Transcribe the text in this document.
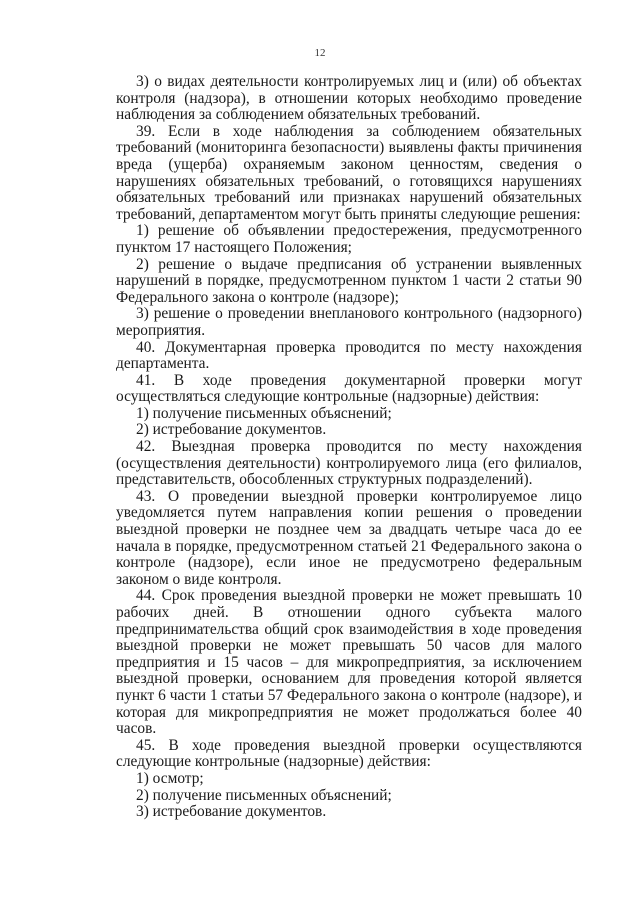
12

3) о видах деятельности контролируемых лиц и (или) об объектах контроля (надзора), в отношении которых необходимо проведение наблюдения за соблюдением обязательных требований.

39. Если в ходе наблюдения за соблюдением обязательных требований (мониторинга безопасности) выявлены факты причинения вреда (ущерба) охраняемым законом ценностям, сведения о нарушениях обязательных требований, о готовящихся нарушениях обязательных требований или признаках нарушений обязательных требований, департаментом могут быть приняты следующие решения:

1) решение об объявлении предостережения, предусмотренного пунктом 17 настоящего Положения;

2) решение о выдаче предписания об устранении выявленных нарушений в порядке, предусмотренном пунктом 1 части 2 статьи 90 Федерального закона о контроле (надзоре);

3) решение о проведении внепланового контрольного (надзорного) мероприятия.

40. Документарная проверка проводится по месту нахождения департамента.

41. В ходе проведения документарной проверки могут осуществляться следующие контрольные (надзорные) действия:

1) получение письменных объяснений;

2) истребование документов.

42. Выездная проверка проводится по месту нахождения (осуществления деятельности) контролируемого лица (его филиалов, представительств, обособленных структурных подразделений).

43. О проведении выездной проверки контролируемое лицо уведомляется путем направления копии решения о проведении выездной проверки не позднее чем за двадцать четыре часа до ее начала в порядке, предусмотренном статьей 21 Федерального закона о контроле (надзоре), если иное не предусмотрено федеральным законом о виде контроля.

44. Срок проведения выездной проверки не может превышать 10 рабочих дней. В отношении одного субъекта малого предпринимательства общий срок взаимодействия в ходе проведения выездной проверки не может превышать 50 часов для малого предприятия и 15 часов – для микропредприятия, за исключением выездной проверки, основанием для проведения которой является пункт 6 части 1 статьи 57 Федерального закона о контроле (надзоре), и которая для микропредприятия не может продолжаться более 40 часов.

45. В ходе проведения выездной проверки осуществляются следующие контрольные (надзорные) действия:

1) осмотр;

2) получение письменных объяснений;

3) истребование документов.
